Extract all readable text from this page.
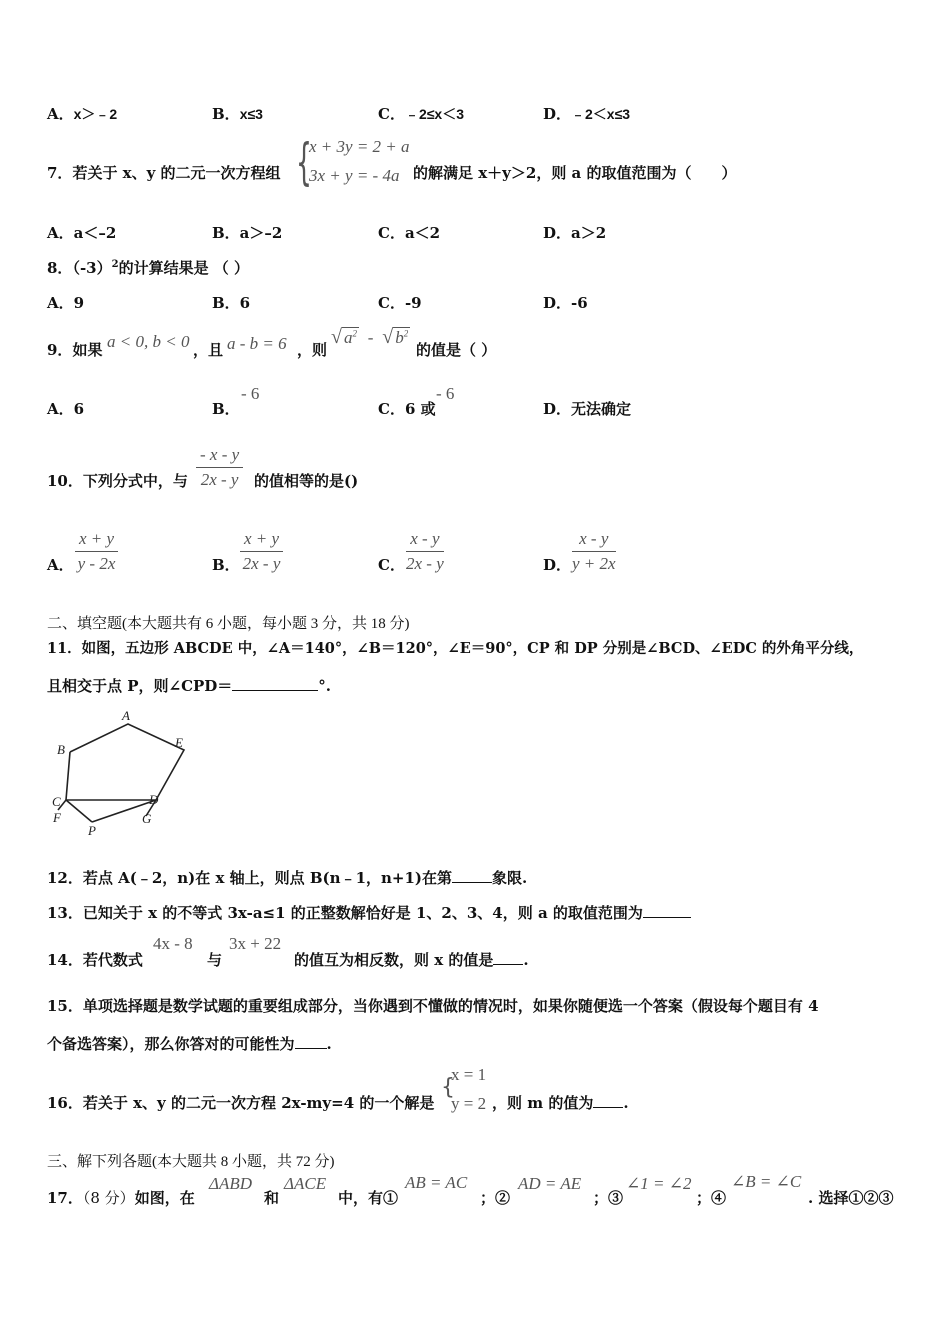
A．x＞﹣2	B．x≤3	C．﹣2≤x＜3	D．﹣2＜x≤3
7．若关于 x、y 的二元一次方程组 {
x + 3y = 2 + a
3x + y = - 4a 的解满足 x＋y＞2，则 a 的取值范围为（　　）
A．a＜–2	B．a＞–2	C．a＜2	D．a＞2
8．$(-3)^2$的计算结果是 （ ）
A．9	B．6	C．-9	D．-6
9．如果 a < 0, b < 0 ，且 a - b = 6 ，则
√ $a^2$ - √ $b^2$
的值是（ ）
A．6	B．
- 6
C．6 或
- 6
D．无法确定
10．下列分式中，与 $\frac{- x - y}{2x - y}$ 的值相等的是()
A． $\frac{x + y}{y - 2x}$	B． $\frac{x + y}{2x - y}$	C． $\frac{x - y}{2x - y}$	D． $\frac{x - y}{y + 2x}$
二、填空题(本大题共有 6 小题，每小题 3 分，共 18 分)
11．如图，五边形 ABCDE 中，∠A＝140°，∠B＝120°，∠E＝90°，CP 和 DP 分别是∠BCD、∠EDC 的外角平分线，
且相交于点 P，则∠CPD＝	°.
A
B
C	D
E
F	G
P
12．若点 A(﹣2，n)在 x 轴上，则点 B(n﹣1，n+1)在第	象限.
13．已知关于 x 的不等式 3x-a≤1 的正整数解恰好是 1、2、3、4，则 a 的取值范围为
14．若代数式
4x - 8
与
3x + 22
的值互为相反数，则 x 的值是 .
15．单项选择题是数学试题的重要组成部分，当你遇到不懂做的情况时，如果你随便选一个答案（假设每个题目有 4
个备选答案），那么你答对的可能性为 .
16．若关于 x、y 的二元一次方程 2x-my=4 的一个解是
{
x = 1
y = 2 ，则 m 的值为 .
三、解下列各题(本大题共 8 小题，共 72 分)
17．（8 分）如图，在
ΔABD
和
ΔACE
中，有①
AB = AC
；②
AD = AE
；③
∠1 = ∠2
；④
∠B = ∠C
. 选择①②③
